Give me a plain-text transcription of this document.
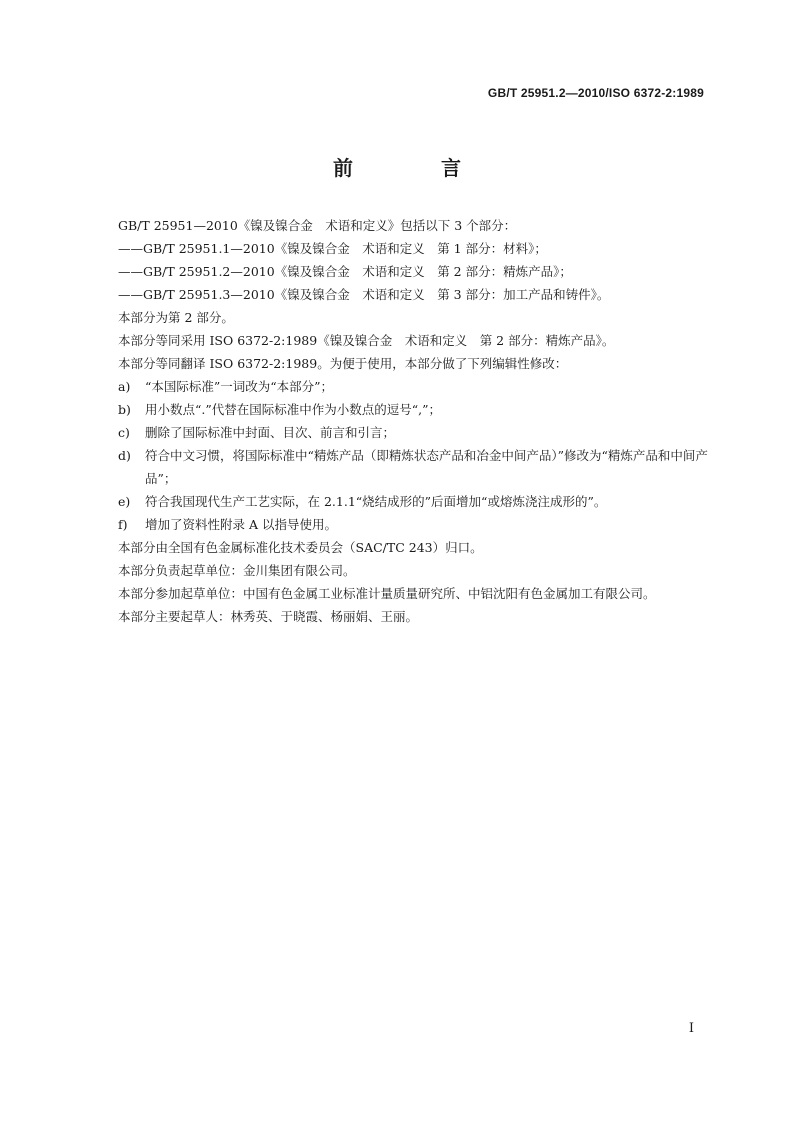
GB/T 25951.2—2010/ISO 6372-2:1989
前　言
GB/T 25951—2010《镍及镍合金　术语和定义》包括以下 3 个部分：
——GB/T 25951.1—2010《镍及镍合金　术语和定义　第 1 部分：材料》；
——GB/T 25951.2—2010《镍及镍合金　术语和定义　第 2 部分：精炼产品》；
——GB/T 25951.3—2010《镍及镍合金　术语和定义　第 3 部分：加工产品和铸件》。
本部分为第 2 部分。
本部分等同采用 ISO 6372-2:1989《镍及镍合金　术语和定义　第 2 部分：精炼产品》。
本部分等同翻译 ISO 6372-2:1989。为便于使用，本部分做了下列编辑性修改：
a)	“本国际标准”一词改为“本部分”；
b)	用小数点“.”代替在国际标准中作为小数点的逗号“,”；
c)	删除了国际标准中封面、目次、前言和引言；
d)	符合中文习惯，将国际标准中“精炼产品（即精炼状态产品和冶金中间产品）”修改为“精炼产品和中间产品”；
e)	符合我国现代生产工艺实际，在 2.1.1“烧结成形的”后面增加“或熔炼浇注成形的”。
f)	增加了资料性附录 A 以指导使用。
本部分由全国有色金属标准化技术委员会（SAC/TC 243）归口。
本部分负责起草单位：金川集团有限公司。
本部分参加起草单位：中国有色金属工业标准计量质量研究所、中铝沈阳有色金属加工有限公司。
本部分主要起草人：林秀英、于晓霞、杨丽娟、王丽。
I
